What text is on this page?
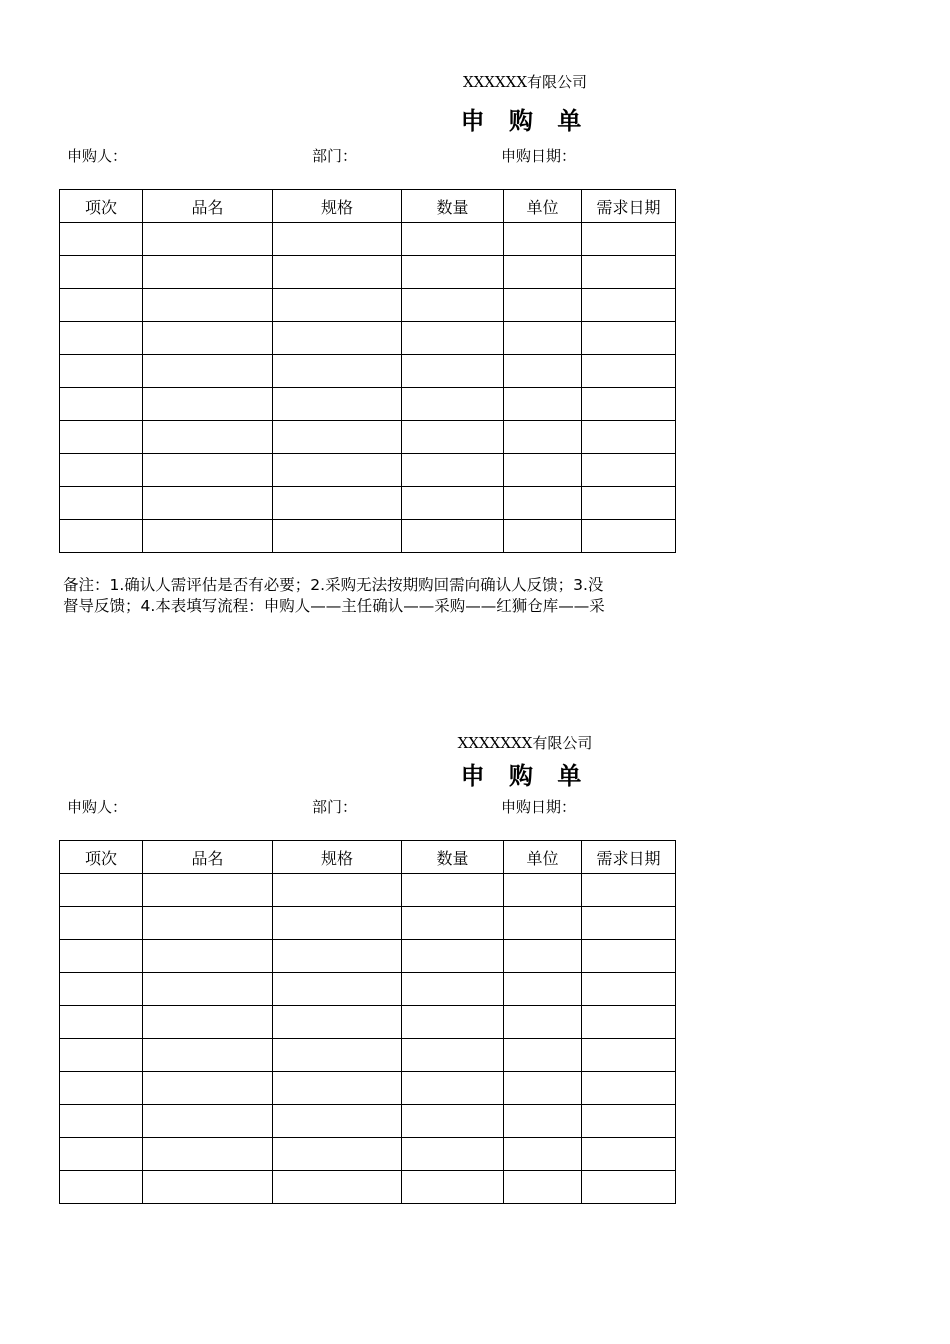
XXXXXX有限公司
申 购 单
申购人：	部门：	申购日期：
项次	品名	规格	数量	单位	需求日期

备注：1.确认人需评估是否有必要；2.采购无法按期购回需向确认人反馈；3.没
督导反馈；4.本表填写流程：申购人——主任确认——采购——红狮仓库——采
XXXXXXX有限公司
申 购 单
申购人：	部门：	申购日期：
项次	品名	规格	数量	单位	需求日期
